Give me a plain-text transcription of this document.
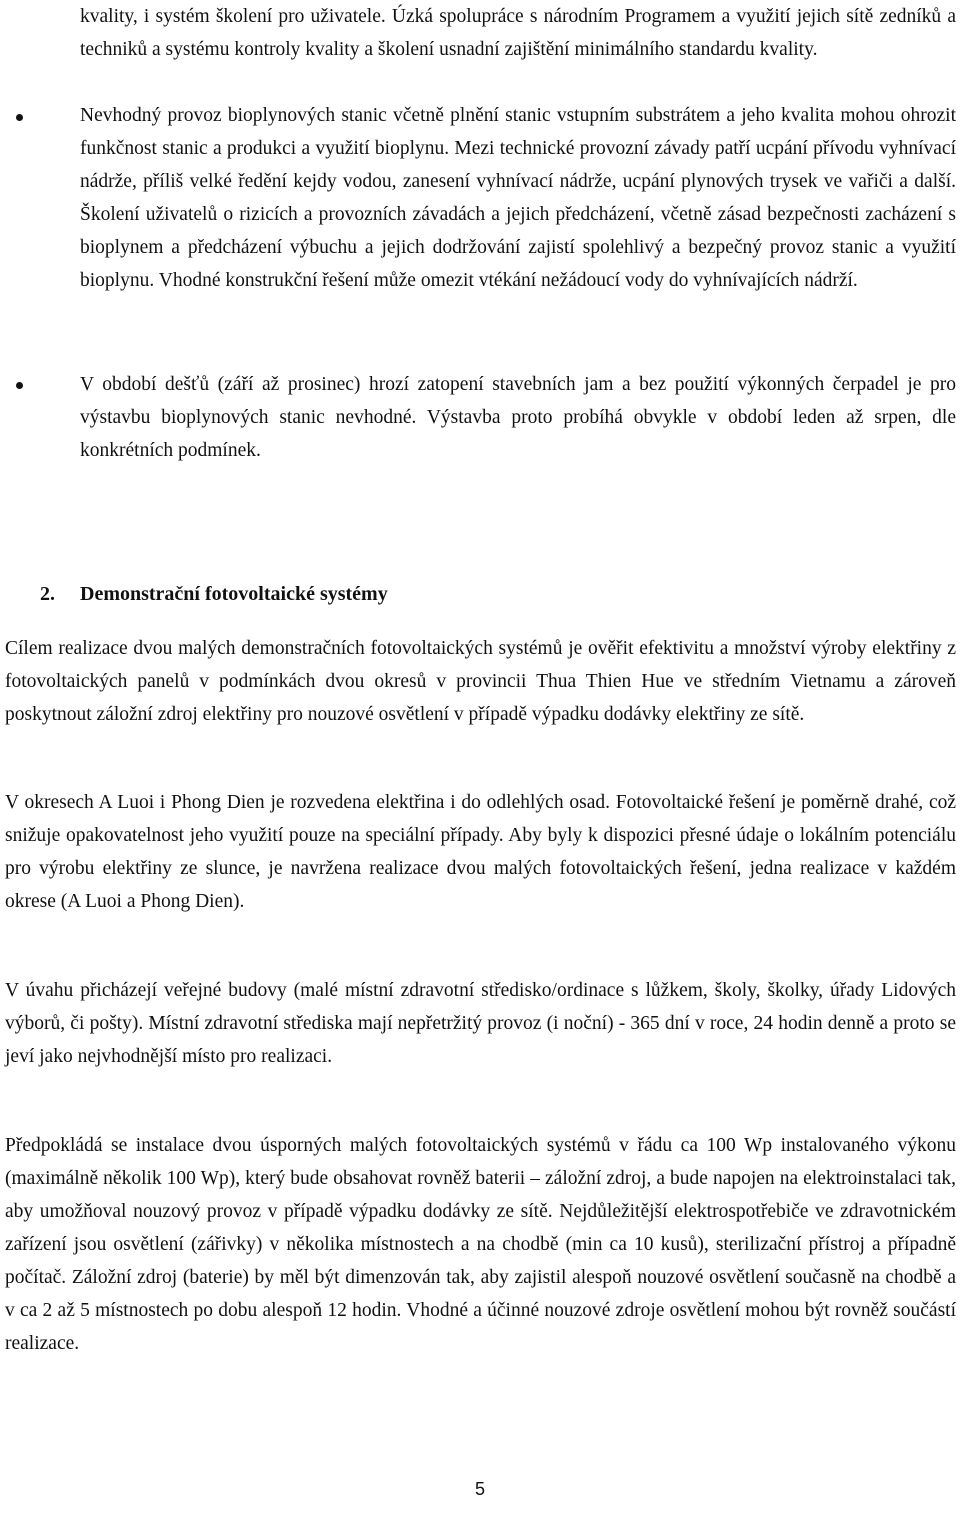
kvality, i systém školení pro uživatele. Úzká spolupráce s národním Programem a využití jejich sítě zedníků a techniků a systému kontroly kvality a školení usnadní zajištění minimálního standardu kvality.
Nevhodný provoz bioplynových stanic včetně plnění stanic vstupním substrátem a jeho kvalita mohou ohrozit funkčnost stanic a produkci a využití bioplynu. Mezi technické provozní závady patří ucpání přívodu vyhnívací nádrže, příliš velké ředění kejdy vodou, zanesení vyhnívací nádrže, ucpání plynových trysek ve vařiči a další. Školení uživatelů o rizicích a provozních závadách a jejich předcházení, včetně zásad bezpečnosti zacházení s bioplynem a předcházení výbuchu a jejich dodržování zajistí spolehlivý a bezpečný provoz stanic a využití bioplynu. Vhodné konstrukční řešení může omezit vtékání nežádoucí vody do vyhnívajících nádrží.
V období dešťů (září až prosinec) hrozí zatopení stavebních jam a bez použití výkonných čerpadel je pro výstavbu bioplynových stanic nevhodné. Výstavba proto probíhá obvykle v období leden až srpen, dle konkrétních podmínek.
2. Demonstrační fotovoltaické systémy
Cílem realizace dvou malých demonstračních fotovoltaických systémů je ověřit efektivitu a množství výroby elektřiny z fotovoltaických panelů v podmínkách dvou okresů v provincii Thua Thien Hue ve středním Vietnamu a zároveň poskytnout záložní zdroj elektřiny pro nouzové osvětlení v případě výpadku dodávky elektřiny ze sítě.
V okresech A Luoi i Phong Dien je rozvedena elektřina i do odlehlých osad. Fotovoltaické řešení je poměrně drahé, což snižuje opakovatelnost jeho využití pouze na speciální případy. Aby byly k dispozici přesné údaje o lokálním potenciálu pro výrobu elektřiny ze slunce, je navržena realizace dvou malých fotovoltaických řešení, jedna realizace v každém okrese (A Luoi a Phong Dien).
V úvahu přicházejí veřejné budovy (malé místní zdravotní středisko/ordinace s lůžkem, školy, školky, úřady Lidových výborů, či pošty). Místní zdravotní střediska mají nepřetržitý provoz (i noční) - 365 dní v roce, 24 hodin denně a proto se jeví jako nejvhodnější místo pro realizaci.
Předpokládá se instalace dvou úsporných malých fotovoltaických systémů v řádu ca 100 Wp instalovaného výkonu (maximálně několik 100 Wp), který bude obsahovat rovněž baterii – záložní zdroj, a bude napojen na elektroinstalaci tak, aby umožňoval nouzový provoz v případě výpadku dodávky ze sítě. Nejdůležitější elektrospotřebiče ve zdravotnickém zařízení jsou osvětlení (zářivky) v několika místnostech a na chodbě (min ca 10 kusů), sterilizační přístroj a případně počítač. Záložní zdroj (baterie) by měl být dimenzován tak, aby zajistil alespoň nouzové osvětlení současně na chodbě a v ca 2 až 5 místnostech po dobu alespoň 12 hodin. Vhodné a účinné nouzové zdroje osvětlení mohou být rovněž součástí realizace.
5
